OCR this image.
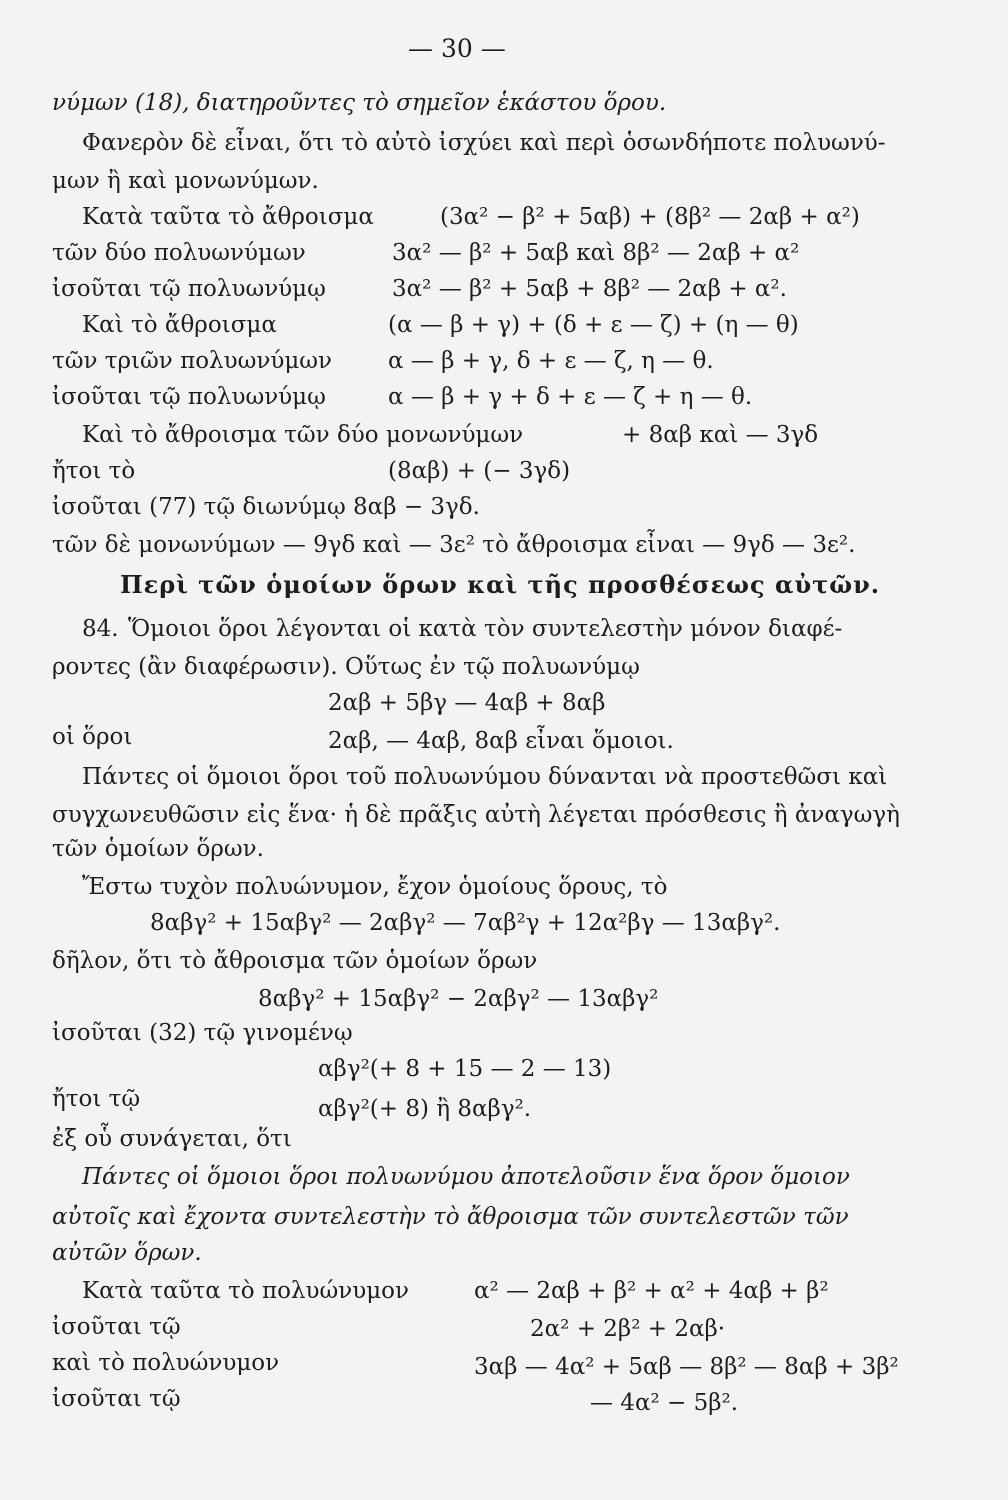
— 30 —
νύμων (18), διατηροῦντες τὸ σημεῖον ἑκάστου ὅρου.
Φανερὸν δὲ εἶναι, ὅτι τὸ αὐτὸ ἰσχύει καὶ περὶ ὁσωνδήποτε πολυωνύ-
μων ἢ καὶ μονωνύμων.
Κατὰ ταῦτα τὸ ἄθροισμα	(3α² − β² + 5αβ) + (8β² — 2αβ + α²)
τῶν δύο πολυωνύμων	3α² — β² + 5αβ καὶ 8β² — 2αβ + α²
ἰσοῦται τῷ πολυωνύμῳ	3α² — β² + 5αβ + 8β² — 2αβ + α².
Καὶ τὸ ἄθροισμα	(α — β + γ) + (δ + ε — ζ) + (η — θ)
τῶν τριῶν πολυωνύμων α — β + γ, δ + ε — ζ, η — θ.
ἰσοῦται τῷ πολυωνύμῳ	α — β + γ + δ + ε — ζ + η — θ.
Καὶ τὸ ἄθροισμα τῶν δύο μονωνύμων	+ 8αβ καὶ — 3γδ
ἤτοι τὸ	(8αβ) + (− 3γδ)
ἰσοῦται (77) τῷ διωνύμῳ 8αβ − 3γδ.
τῶν δὲ μονωνύμων — 9γδ καὶ — 3ε² τὸ ἄθροισμα εἶναι — 9γδ — 3ε².
Περὶ τῶν ὁμοίων ὅρων καὶ τῆς προσθέσεως αὐτῶν.
84. Ὅμοιοι ὅροι λέγονται οἱ κατὰ τὸν συντελεστὴν μόνον διαφέ-
ροντες (ἂν διαφέρωσιν). Οὕτως ἐν τῷ πολυωνύμῳ
2αβ + 5βγ — 4αβ + 8αβ
οἱ ὅροι	2αβ, — 4αβ, 8αβ εἶναι ὅμοιοι.
Πάντες οἱ ὅμοιοι ὅροι τοῦ πολυωνύμου δύνανται νὰ προστεθῶσι καὶ
συγχωνευθῶσιν εἰς ἕνα· ἡ δὲ πρᾶξις αὐτὴ λέγεται πρόσθεσις ἢ ἀναγωγὴ
τῶν ὁμοίων ὅρων.
Ἔστω τυχὸν πολυώνυμον, ἔχον ὁμοίους ὅρους, τὸ
8αβγ² + 15αβγ² — 2αβγ² — 7αβ²γ + 12α²βγ — 13αβγ².
δῆλον, ὅτι τὸ ἄθροισμα τῶν ὁμοίων ὅρων
8αβγ² + 15αβγ² − 2αβγ² — 13αβγ²
ἰσοῦται (32) τῷ γινομένῳ
αβγ²(+ 8 + 15 — 2 — 13)
ἤτοι τῷ	αβγ²(+ 8) ἢ 8αβγ².
ἐξ οὗ συνάγεται, ὅτι
Πάντες οἱ ὅμοιοι ὅροι πολυωνύμου ἀποτελοῦσιν ἕνα ὅρον ὅμοιον
αὐτοῖς καὶ ἔχοντα συντελεστὴν τὸ ἄθροισμα τῶν συντελεστῶν τῶν
αὐτῶν ὅρων.
Κατὰ ταῦτα τὸ πολυώνυμον	α² — 2αβ + β² + α² + 4αβ + β²
ἰσοῦται τῷ	2α² + 2β² + 2αβ·
καὶ τὸ πολυώνυμον	3αβ — 4α² + 5αβ — 8β² — 8αβ + 3β²
ἰσοῦται τῷ	— 4α² − 5β².
